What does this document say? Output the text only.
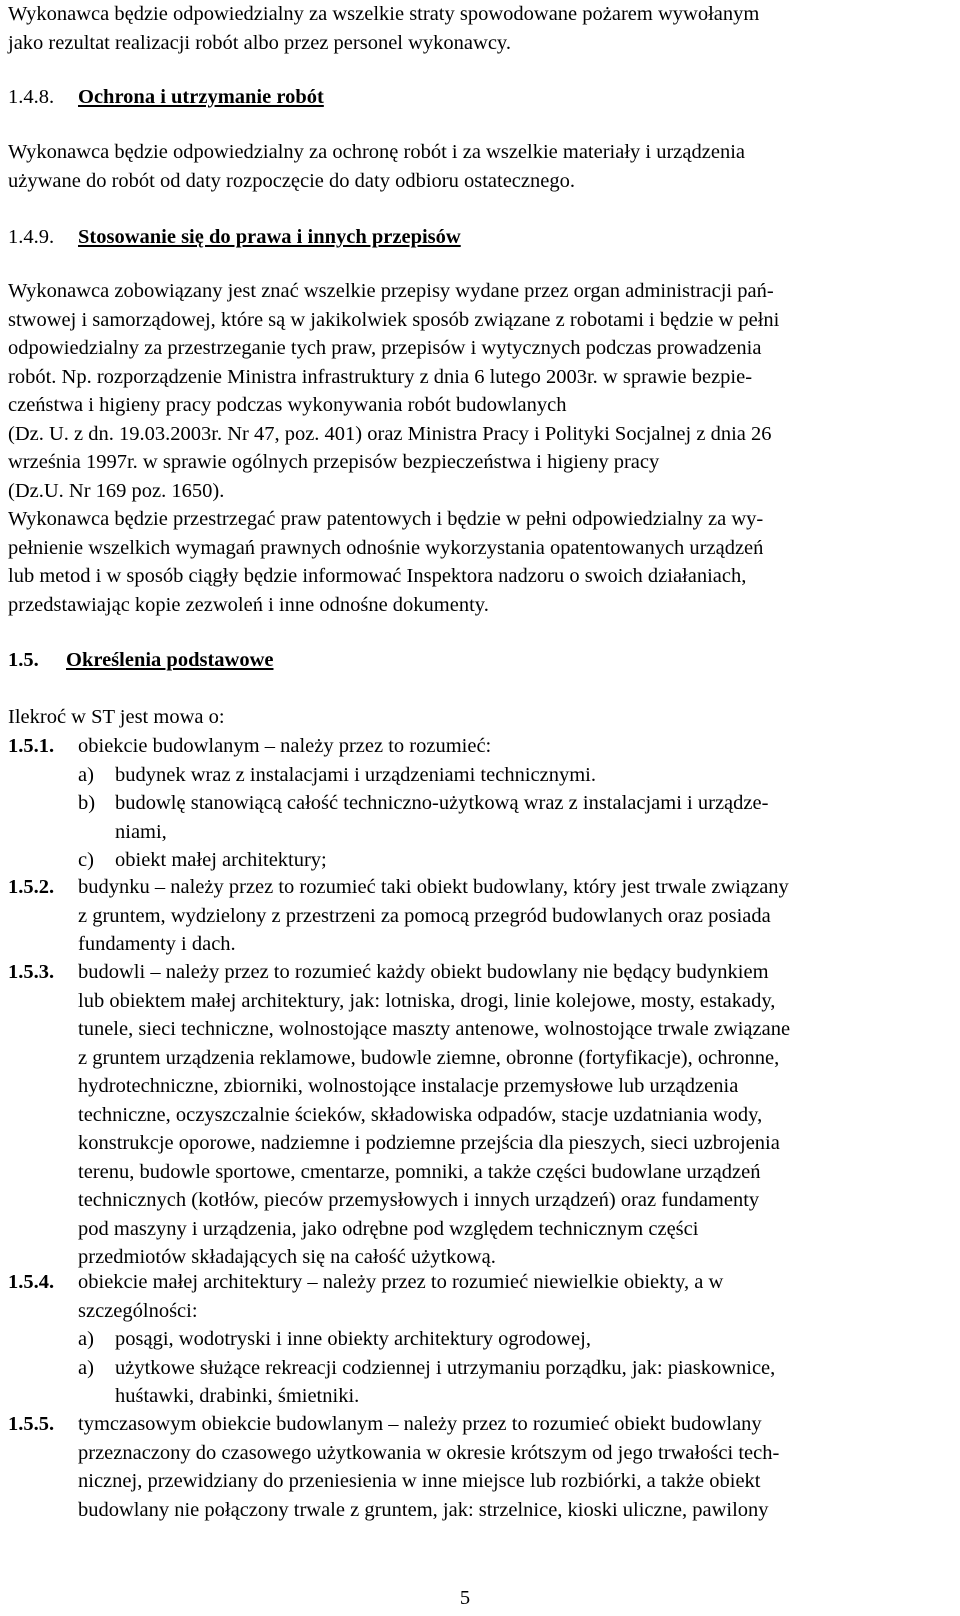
Wykonawca będzie odpowiedzialny za wszelkie straty spowodowane pożarem wywołanym
jako rezultat realizacji robót albo przez personel wykonawcy.
1.4.8. Ochrona i utrzymanie robót
Wykonawca będzie odpowiedzialny za ochronę robót i za wszelkie materiały i urządzenia
używane do robót od daty rozpoczęcie do daty odbioru ostatecznego.
1.4.9. Stosowanie się do prawa i innych przepisów
Wykonawca zobowiązany jest znać wszelkie przepisy wydane przez organ administracji pań-
stwowej i samorządowej, które są w jakikolwiek sposób związane z robotami i będzie w pełni
odpowiedzialny za przestrzeganie tych praw, przepisów i wytycznych podczas prowadzenia
robót. Np. rozporządzenie Ministra infrastruktury z dnia 6 lutego 2003r. w sprawie bezpie-
czeństwa i higieny pracy podczas wykonywania robót budowlanych
(Dz. U. z dn. 19.03.2003r. Nr 47, poz. 401) oraz Ministra Pracy i Polityki Socjalnej z dnia 26
września 1997r. w sprawie ogólnych przepisów bezpieczeństwa i higieny pracy
(Dz.U. Nr 169 poz. 1650).
Wykonawca będzie przestrzegać praw patentowych i będzie w pełni odpowiedzialny za wy-
pełnienie wszelkich wymagań prawnych odnośnie wykorzystania opatentowanych urządzeń
lub metod i w sposób ciągły będzie informować Inspektora nadzoru o swoich działaniach,
przedstawiając kopie zezwoleń i inne odnośne dokumenty.
1.5. Określenia podstawowe
Ilekroć w ST jest mowa o:
1.5.1. obiekcie budowlanym – należy przez to rozumieć:
a) budynek wraz z instalacjami i urządzeniami technicznymi.
b) budowlę stanowiącą całość techniczno-użytkową wraz z instalacjami i urządze-
niami,
c) obiekt małej architektury;
1.5.2. budynku – należy przez to rozumieć taki obiekt budowlany, który jest trwale związany
z gruntem, wydzielony z przestrzeni za pomocą przegród budowlanych oraz posiada
fundamenty i dach.
1.5.3. budowli – należy przez to rozumieć każdy obiekt budowlany nie będący budynkiem
lub obiektem małej architektury, jak: lotniska, drogi, linie kolejowe, mosty, estakady,
tunele, sieci techniczne, wolnostojące maszty antenowe, wolnostojące trwale związane
z gruntem urządzenia reklamowe, budowle ziemne, obronne (fortyfikacje), ochronne,
hydrotechniczne, zbiorniki, wolnostojące instalacje przemysłowe lub urządzenia
techniczne, oczyszczalnie ścieków, składowiska odpadów, stacje uzdatniania wody,
konstrukcje oporowe, nadziemne i podziemne przejścia dla pieszych, sieci uzbrojenia
terenu, budowle sportowe, cmentarze, pomniki, a także części budowlane urządzeń
technicznych (kotłów, pieców przemysłowych i innych urządzeń) oraz fundamenty
pod maszyny i urządzenia, jako odrębne pod względem technicznym części
przedmiotów składających się na całość użytkową.
1.5.4. obiekcie małej architektury – należy przez to rozumieć niewielkie obiekty, a w
szczególności:
a) posągi, wodotryski i inne obiekty architektury ogrodowej,
a) użytkowe służące rekreacji codziennej i utrzymaniu porządku, jak: piaskownice,
huśtawki, drabinki, śmietniki.
1.5.5. tymczasowym obiekcie budowlanym – należy przez to rozumieć obiekt budowlany
przeznaczony do czasowego użytkowania w okresie krótszym od jego trwałości tech-
nicznej, przewidziany do przeniesienia w inne miejsce lub rozbiórki, a także obiekt
budowlany nie połączony trwale z gruntem, jak: strzelnice, kioski uliczne, pawilony
5
